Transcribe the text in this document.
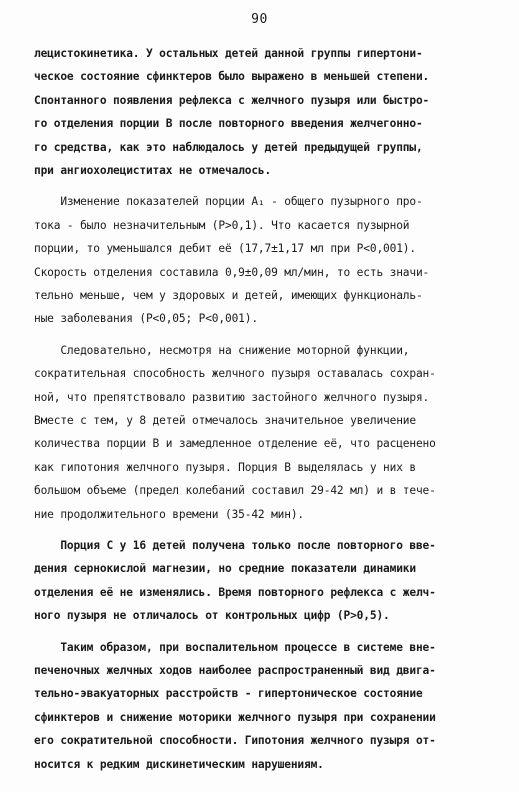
90
лецистокинетика. У остальных детей данной группы гипертони-
ческое состояние сфинктеров было выражено в меньшей степени.
Спонтанного появления рефлекса с желчного пузыря или быстро-
го отделения порции В после повторного введения желчегонно-
го средства, как это наблюдалось у детей предыдущей группы,
при ангиохолециститах не отмечалось.
Изменение показателей порции А₁ - общего пузырного про-
тока - было незначительным (Р>0,1). Что касается пузырной
порции, то уменьшался дебит её (17,7±1,17 мл при Р<0,001).
Скорость отделения составила 0,9±0,09 мл/мин, то есть значи-
тельно меньше, чем у здоровых и детей, имеющих функциональ-
ные заболевания (Р<0,05; Р<0,001).
Следовательно, несмотря на снижение моторной функции,
сократительная способность желчного пузыря оставалась сохран-
ной, что препятствовало развитию застойного желчного пузыря.
Вместе с тем, у 8 детей отмечалось значительное увеличение
количества порции В и замедленное отделение её, что расценено
как гипотония желчного пузыря. Порция В выделялась у них в
большом объеме (предел колебаний составил 29-42 мл) и в тече-
ние продолжительного времени (35-42 мин).
Порция С у 16 детей получена только после повторного вве-
дения сернокислой магнезии, но средние показатели динамики
отделения её не изменялись. Время повторного рефлекса с желч-
ного пузыря не отличалось от контрольных цифр (Р>0,5).
Таким образом, при воспалительном процессе в системе вне-
печеночных желчных ходов наиболее распространенный вид двига-
тельно-эвакуаторных расстройств - гипертоническое состояние
сфинктеров и снижение моторики желчного пузыря при сохранении
его сократительной способности. Гипотония желчного пузыря от-
носится к редким дискинетическим нарушениям.
